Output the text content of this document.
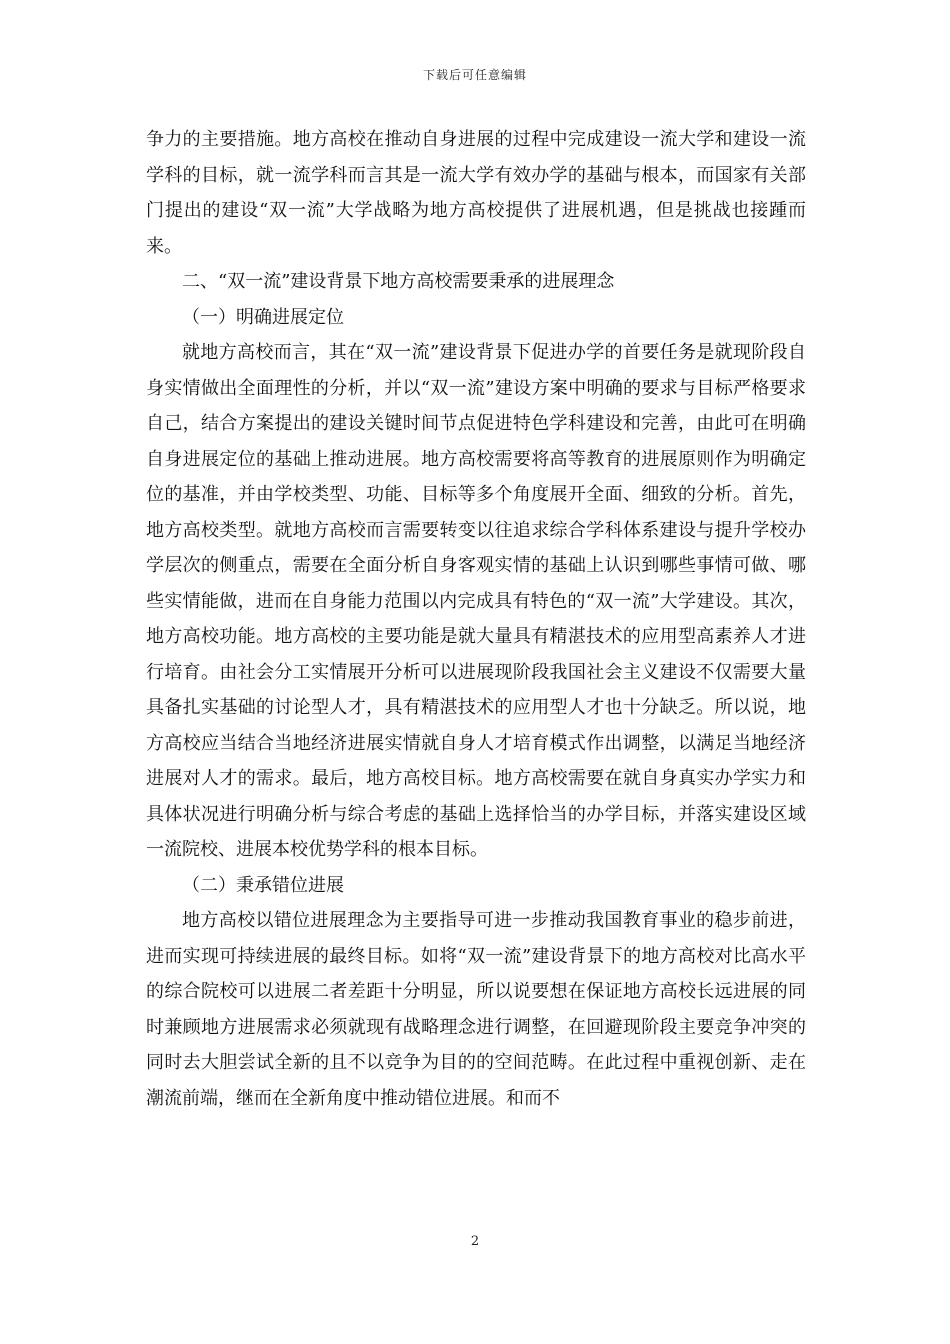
下载后可任意编辑

争力的主要措施。地方高校在推动自身进展的过程中完成建设一流大学和建设一流学科的目标，就一流学科而言其是一流大学有效办学的基础与根本，而国家有关部门提出的建设“双一流”大学战略为地方高校提供了进展机遇，但是挑战也接踵而来。

二、“双一流”建设背景下地方高校需要秉承的进展理念

（一）明确进展定位

就地方高校而言，其在“双一流”建设背景下促进办学的首要任务是就现阶段自身实情做出全面理性的分析，并以“双一流”建设方案中明确的要求与目标严格要求自己，结合方案提出的建设关键时间节点促进特色学科建设和完善，由此可在明确自身进展定位的基础上推动进展。地方高校需要将高等教育的进展原则作为明确定位的基准，并由学校类型、功能、目标等多个角度展开全面、细致的分析。首先，地方高校类型。就地方高校而言需要转变以往追求综合学科体系建设与提升学校办学层次的侧重点，需要在全面分析自身客观实情的基础上认识到哪些事情可做、哪些实情能做，进而在自身能力范围以内完成具有特色的“双一流”大学建设。其次，地方高校功能。地方高校的主要功能是就大量具有精湛技术的应用型高素养人才进行培育。由社会分工实情展开分析可以进展现阶段我国社会主义建设不仅需要大量具备扎实基础的讨论型人才，具有精湛技术的应用型人才也十分缺乏。所以说，地方高校应当结合当地经济进展实情就自身人才培育模式作出调整，以满足当地经济进展对人才的需求。最后，地方高校目标。地方高校需要在就自身真实办学实力和具体状况进行明确分析与综合考虑的基础上选择恰当的办学目标，并落实建设区域一流院校、进展本校优势学科的根本目标。

（二）秉承错位进展

地方高校以错位进展理念为主要指导可进一步推动我国教育事业的稳步前进，进而实现可持续进展的最终目标。如将“双一流”建设背景下的地方高校对比高水平的综合院校可以进展二者差距十分明显，所以说要想在保证地方高校长远进展的同时兼顾地方进展需求必须就现有战略理念进行调整，在回避现阶段主要竞争冲突的同时去大胆尝试全新的且不以竞争为目的的空间范畴。在此过程中重视创新、走在潮流前端，继而在全新角度中推动错位进展。和而不

2
